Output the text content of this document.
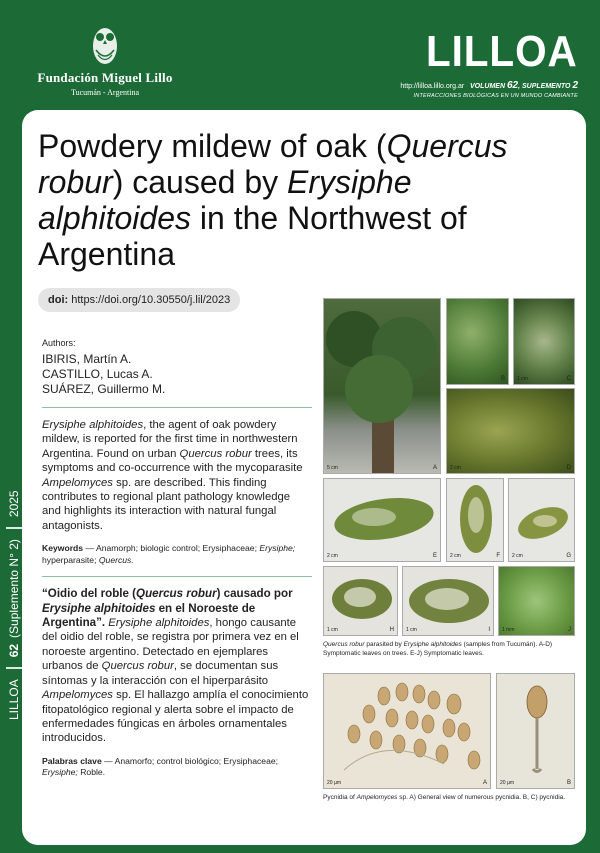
Fundación Miguel Lillo
Tucumán - Argentina
LILLOA
http://lilloa.lillo.org.ar VOLUMEN 62, SUPLEMENTO 2
INTERACCIONES BIOLÓGICAS EN UN MUNDO CAMBIANTE
LILLOA
62
(Suplemento N° 2)
2025
Powdery mildew of oak (Quercus robur) caused by Erysiphe alphitoides in the Northwest of Argentina
doi: https://doi.org/10.30550/j.lil/2023
Authors:
IBIRIS, Martín A.
CASTILLO, Lucas A.
SUÁREZ, Guillermo M.

Erysiphe alphitoides, the agent of oak powdery mildew, is reported for the first time in northwestern Argentina. Found on urban Quercus robur trees, its symptoms and co-occurrence with the mycoparasite Ampelomyces sp. are described. This finding contributes to regional plant pathology knowledge and highlights its interaction with natural fungal antagonists.

Keywords — Anamorph; biologic control; Erysiphaceae; Erysiphe; hyperparasite; Quercus.

“Oidio del roble (Quercus robur) causado por Erysiphe alphitoides en el Noroeste de Argentina”. Erysiphe alphitoides, hongo causante del oidio del roble, se registra por primera vez en el noroeste argentino. Detectado en ejemplares urbanos de Quercus robur, se documentan sus síntomas y la interacción con el hiperparásito Ampelomyces sp. El hallazgo amplía el conocimiento fitopatológico regional y alerta sobre el impacto de enfermedades fúngicas en árboles ornamentales introducidos.

Palabras clave — Anamorfo; control biológico; Erysiphaceae; Erysiphe; Roble.

5 cm	A
B 1 cm	C
2 cm	D
2 cm	E	2 cm	F 2 cm	G
1 cm	H 1 cm	I 1 mm	J

Quercus robur parasited by Erysiphe alphitoides (samples from Tucumán). A-D) Symptomatic leaves on trees. E-J) Symptomatic leaves.

20 µm	A	20 µm	B

Pycnidia of Ampelomyces sp. A) General view of numerous pycnidia. B, C) pycnidia.
